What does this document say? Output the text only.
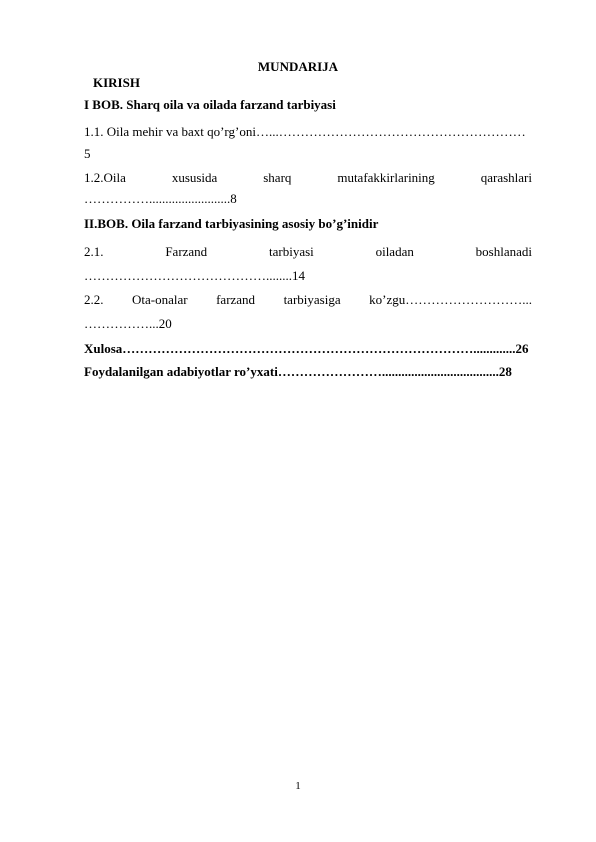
MUNDARIJA
KIRISH
I BOB. Sharq oila va oilada farzand tarbiyasi
1.1. Oila mehir va baxt qo’rg’oni…...…………………………………………………
5
1.2.Oila	xususida	sharq	mutafakkirlarining	qarashlari
…………….........................8
II.BOB. Oila farzand tarbiyasining asosiy bo’g’inidir
2.1.	Farzand	tarbiyasi	oiladan	boshlanadi
……………………………………........14
2.2. Ota-onalar farzand tarbiyasiga ko’zgu………………………...
……………...20
Xulosa……………………………………………………………………….............26
Foydalanilgan adabiyotlar ro’yxati……………………....................................28
1
